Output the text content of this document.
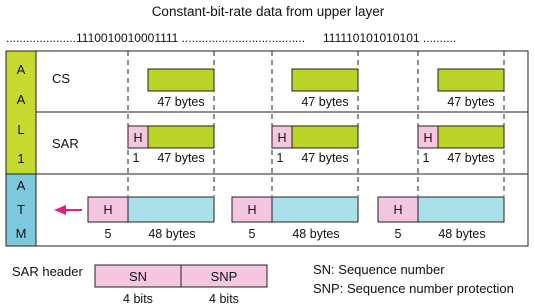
Constant-bit-rate data from upper layer
.....................1110010010001111 ..................................... 111110101010101 ..........
A
A
L
1
A
T
M
CS
SAR
47 bytes
H
1 47 bytes
H
5	48 bytes
47 bytes
H
1 47 bytes
H
5	48 bytes
47 bytes
H
1 47 bytes
H
5	48 bytes
SAR header	SN	SNP
4 bits	4 bits
SN: Sequence number
SNP: Sequence number protection
